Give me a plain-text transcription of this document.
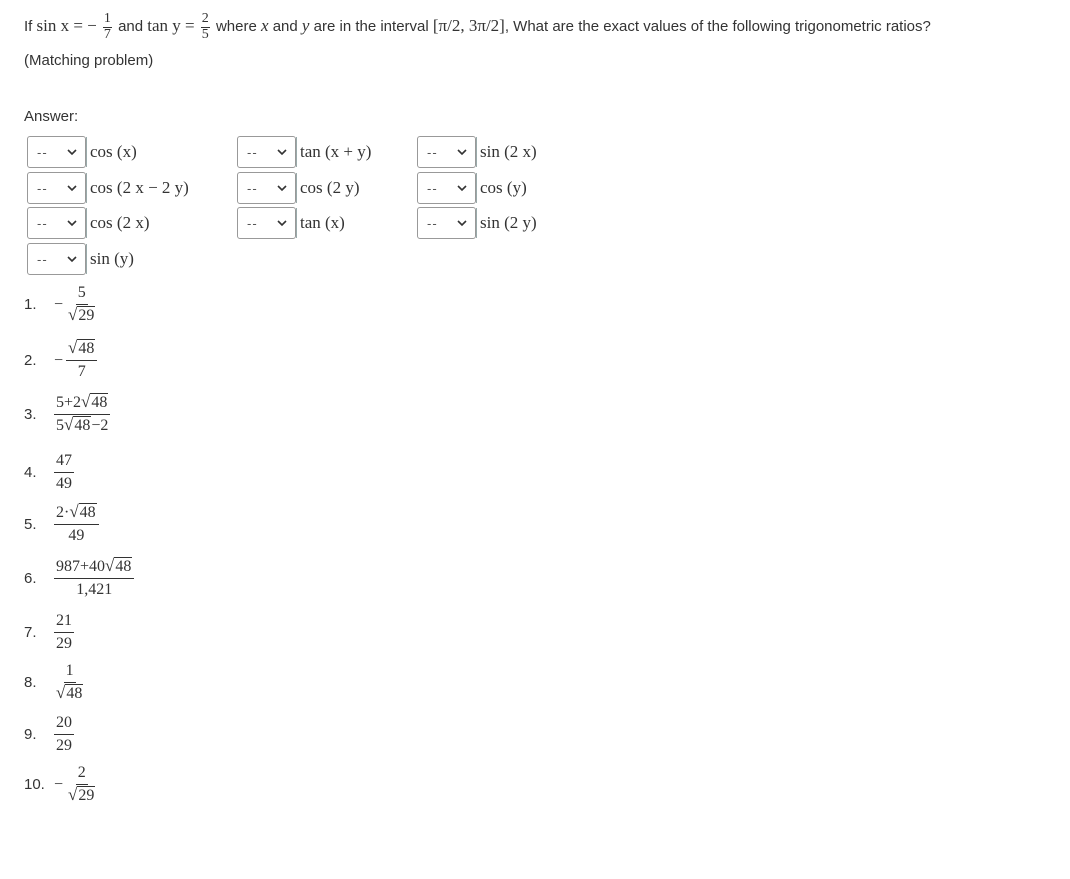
If sin x = − $\frac{1}{7}$ and $\tan y = \frac{2}{5}$ where x and y are in the interval [π/2, 3π/2], What are the exact values of the following trigonometric ratios?
(Matching problem)
Answer:
-- cos (x)
-- cos (2 x − 2 y)
-- cos (2 x)
-- sin (y)
-- tan (x + y)
-- cos (2 y)
-- tan (x)
-- sin (2 x)
-- cos (y)
-- sin (2 y)
1.	− $\frac{5}{√ 29}$
2.	− $\frac{√ 48}{7}$
3.	$\frac{5+2 √ 48}{5 √ 48 -2}$
4.	$\frac{47}{49}$
5.	$\frac{2\cdot √ 48}{49}$
6.	$\frac{987+40 √ 48}{1,421}$
7.	$\frac{21}{29}$
8.	$\frac{1}{√ 48}$
9.	$\frac{20}{29}$
10. − $\frac{2}{√ 29}$
